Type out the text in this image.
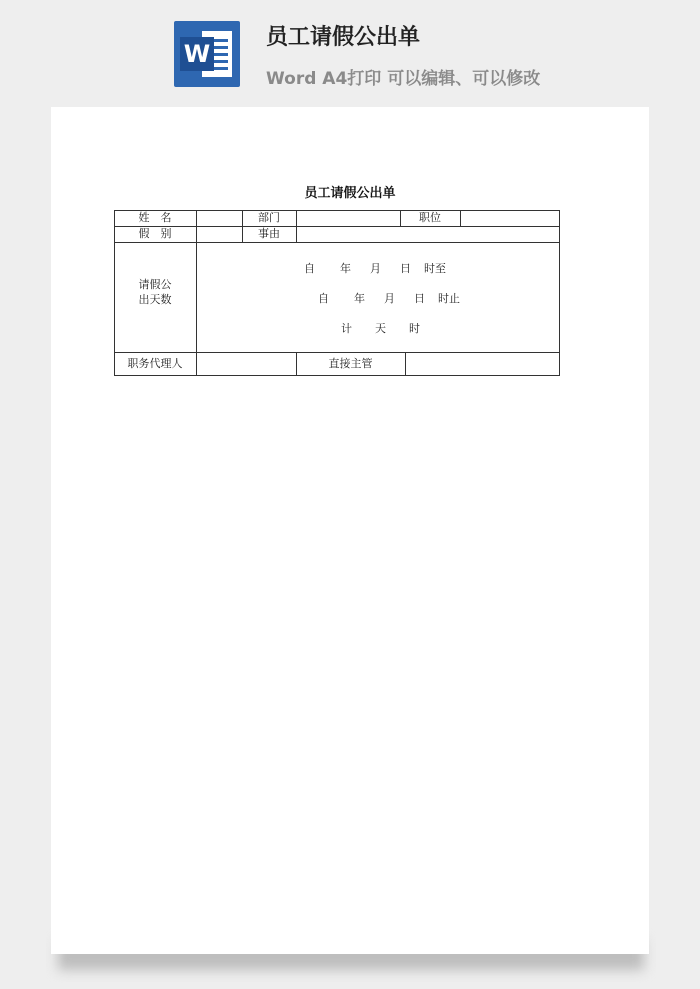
W
员工请假公出单
Word A4打印 可以编辑、可以修改
员工请假公出单
姓　名	部门	职位
假　别	事由
请假公
出天数
自 年 月 日 时至
自 年 月 日 时止
计 天 时
职务代理人	直接主管
